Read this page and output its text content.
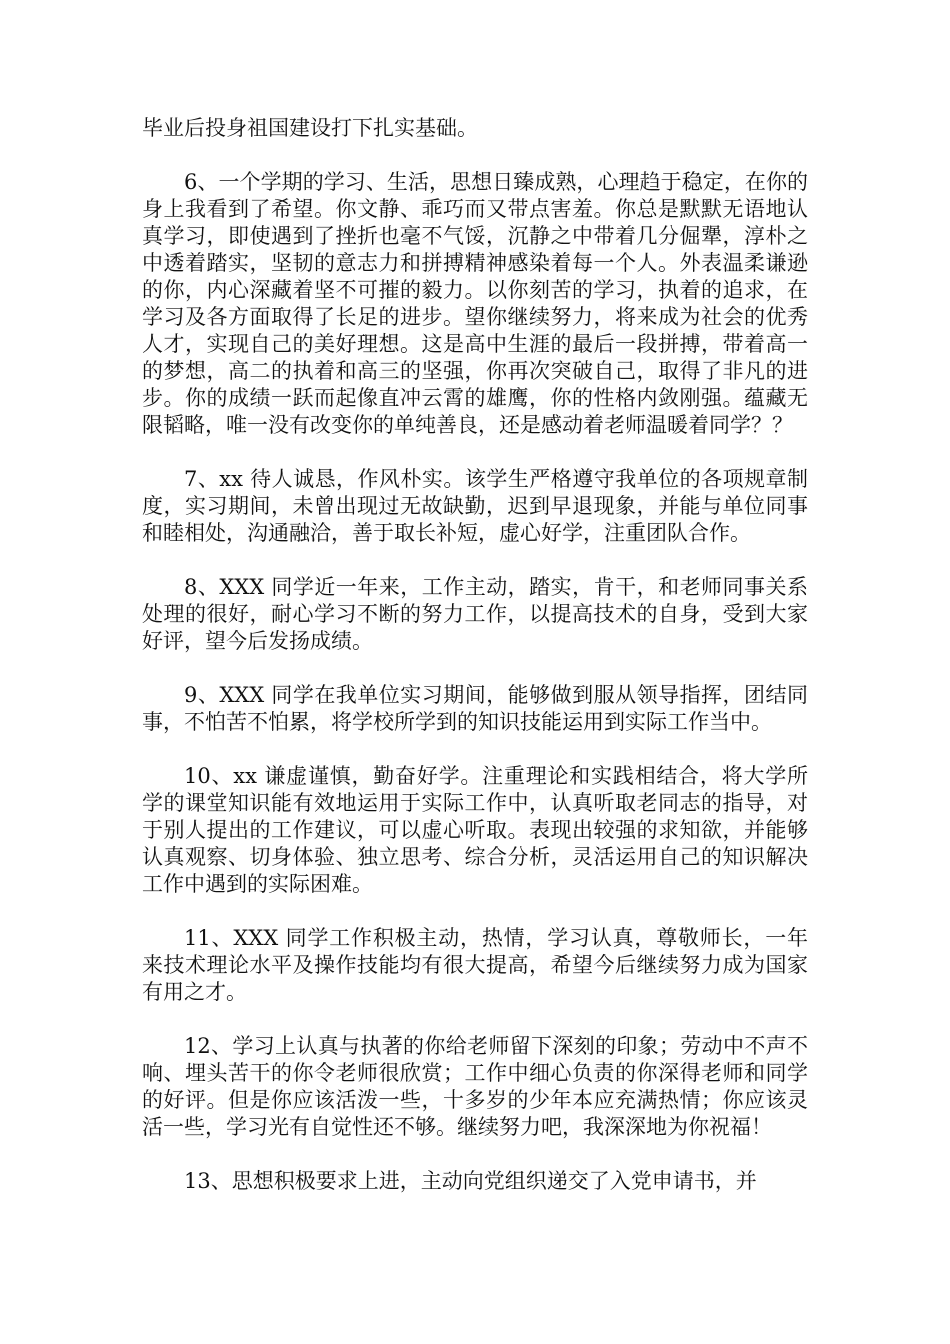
毕业后投身祖国建设打下扎实基础。

6、一个学期的学习、生活，思想日臻成熟，心理趋于稳定，在你的身上我看到了希望。你文静、乖巧而又带点害羞。你总是默默无语地认真学习，即使遇到了挫折也毫不气馁，沉静之中带着几分倔犟，淳朴之中透着踏实，坚韧的意志力和拼搏精神感染着每一个人。外表温柔谦逊的你，内心深藏着坚不可摧的毅力。以你刻苦的学习，执着的追求，在学习及各方面取得了长足的进步。望你继续努力，将来成为社会的优秀人才，实现自己的美好理想。这是高中生涯的最后一段拼搏，带着高一的梦想，高二的执着和高三的坚强，你再次突破自己，取得了非凡的进步。你的成绩一跃而起像直冲云霄的雄鹰，你的性格内敛刚强。蕴藏无限韬略，唯一没有改变你的单纯善良，还是感动着老师温暖着同学？？

7、xx 待人诚恳，作风朴实。该学生严格遵守我单位的各项规章制度，实习期间，未曾出现过无故缺勤，迟到早退现象，并能与单位同事和睦相处，沟通融洽，善于取长补短，虚心好学，注重团队合作。

8、XXX 同学近一年来，工作主动，踏实，肯干，和老师同事关系处理的很好，耐心学习不断的努力工作，以提高技术的自身，受到大家好评，望今后发扬成绩。

9、XXX 同学在我单位实习期间，能够做到服从领导指挥，团结同事，不怕苦不怕累，将学校所学到的知识技能运用到实际工作当中。

10、xx 谦虚谨慎，勤奋好学。注重理论和实践相结合，将大学所学的课堂知识能有效地运用于实际工作中，认真听取老同志的指导，对于别人提出的工作建议，可以虚心听取。表现出较强的求知欲，并能够认真观察、切身体验、独立思考、综合分析，灵活运用自己的知识解决工作中遇到的实际困难。

11、XXX 同学工作积极主动，热情，学习认真，尊敬师长，一年来技术理论水平及操作技能均有很大提高，希望今后继续努力成为国家有用之才。

12、学习上认真与执著的你给老师留下深刻的印象；劳动中不声不响、埋头苦干的你令老师很欣赏；工作中细心负责的你深得老师和同学的好评。但是你应该活泼一些，十多岁的少年本应充满热情；你应该灵活一些，学习光有自觉性还不够。继续努力吧，我深深地为你祝福！

13、思想积极要求上进，主动向党组织递交了入党申请书，并
